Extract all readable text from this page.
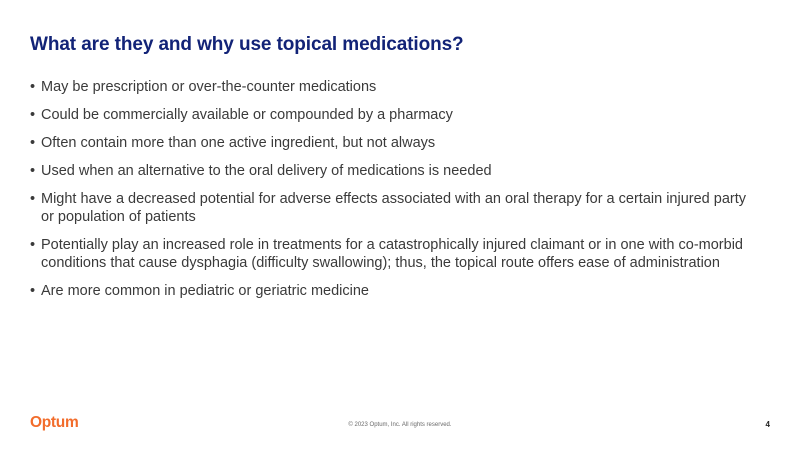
What are they and why use topical medications?
• May be prescription or over-the-counter medications
• Could be commercially available or compounded by a pharmacy
• Often contain more than one active ingredient, but not always
• Used when an alternative to the oral delivery of medications is needed
• Might have a decreased potential for adverse effects associated with an oral therapy for a certain injured party or population of patients
• Potentially play an increased role in treatments for a catastrophically injured claimant or in one with co-morbid conditions that cause dysphagia (difficulty swallowing); thus, the topical route offers ease of administration
• Are more common in pediatric or geriatric medicine
Optum	© 2023 Optum, Inc. All rights reserved.	4
